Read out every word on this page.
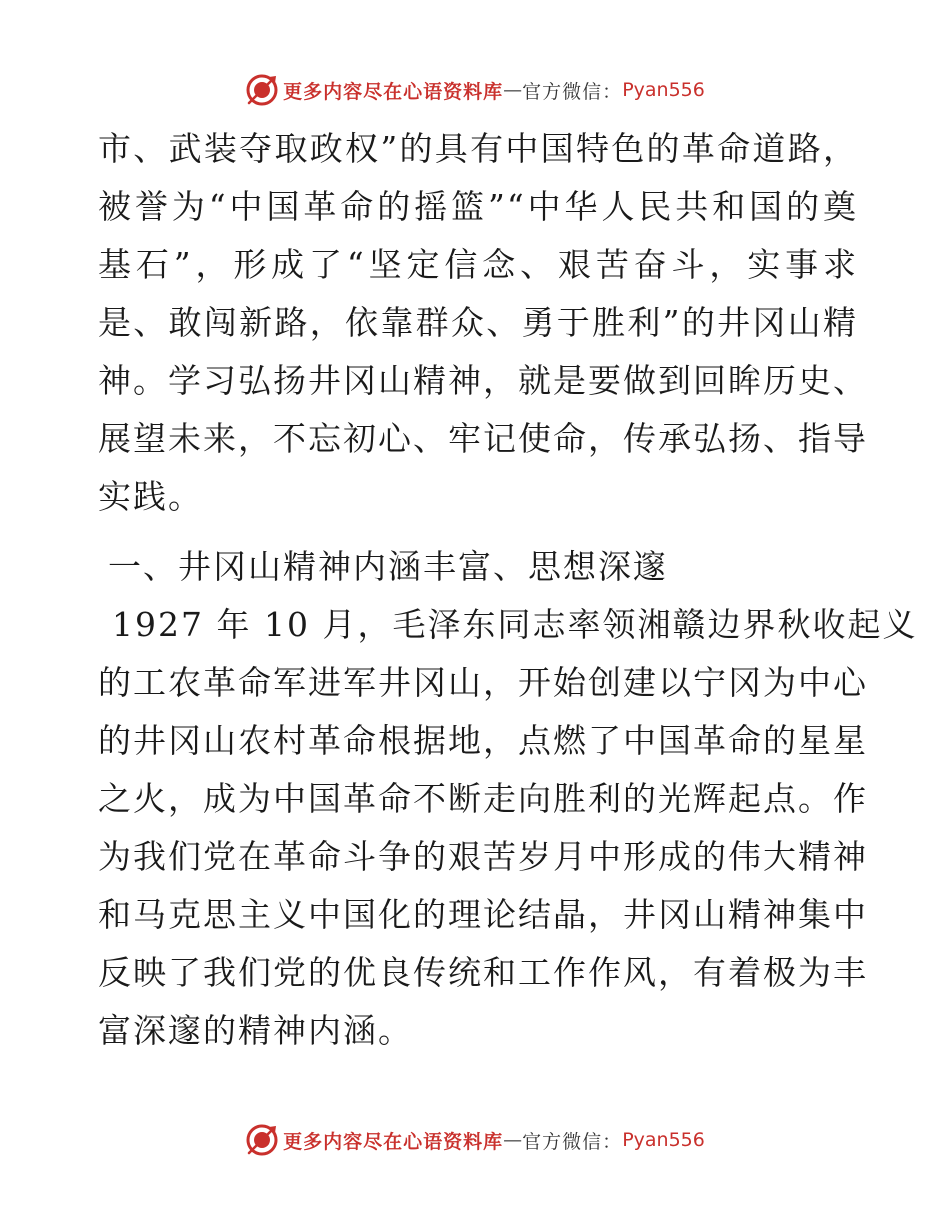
更多内容尽在心语资料库 — 官方微信： Pyan556
市、武装夺取政权”的具有中国特色的革命道路，
被誉为“中国革命的摇篮”“中华人民共和国的奠
基石”，形成了“坚定信念、艰苦奋斗，实事求
是、敢闯新路，依靠群众、勇于胜利”的井冈山精
神。学习弘扬井冈山精神，就是要做到回眸历史、
展望未来，不忘初心、牢记使命，传承弘扬、指导
实践。
一、井冈山精神内涵丰富、思想深邃
1927 年 10 月，毛泽东同志率领湘赣边界秋收起义
的工农革命军进军井冈山，开始创建以宁冈为中心
的井冈山农村革命根据地，点燃了中国革命的星星
之火，成为中国革命不断走向胜利的光辉起点。作
为我们党在革命斗争的艰苦岁月中形成的伟大精神
和马克思主义中国化的理论结晶，井冈山精神集中
反映了我们党的优良传统和工作作风，有着极为丰
富深邃的精神内涵。
更多内容尽在心语资料库 — 官方微信： Pyan556
